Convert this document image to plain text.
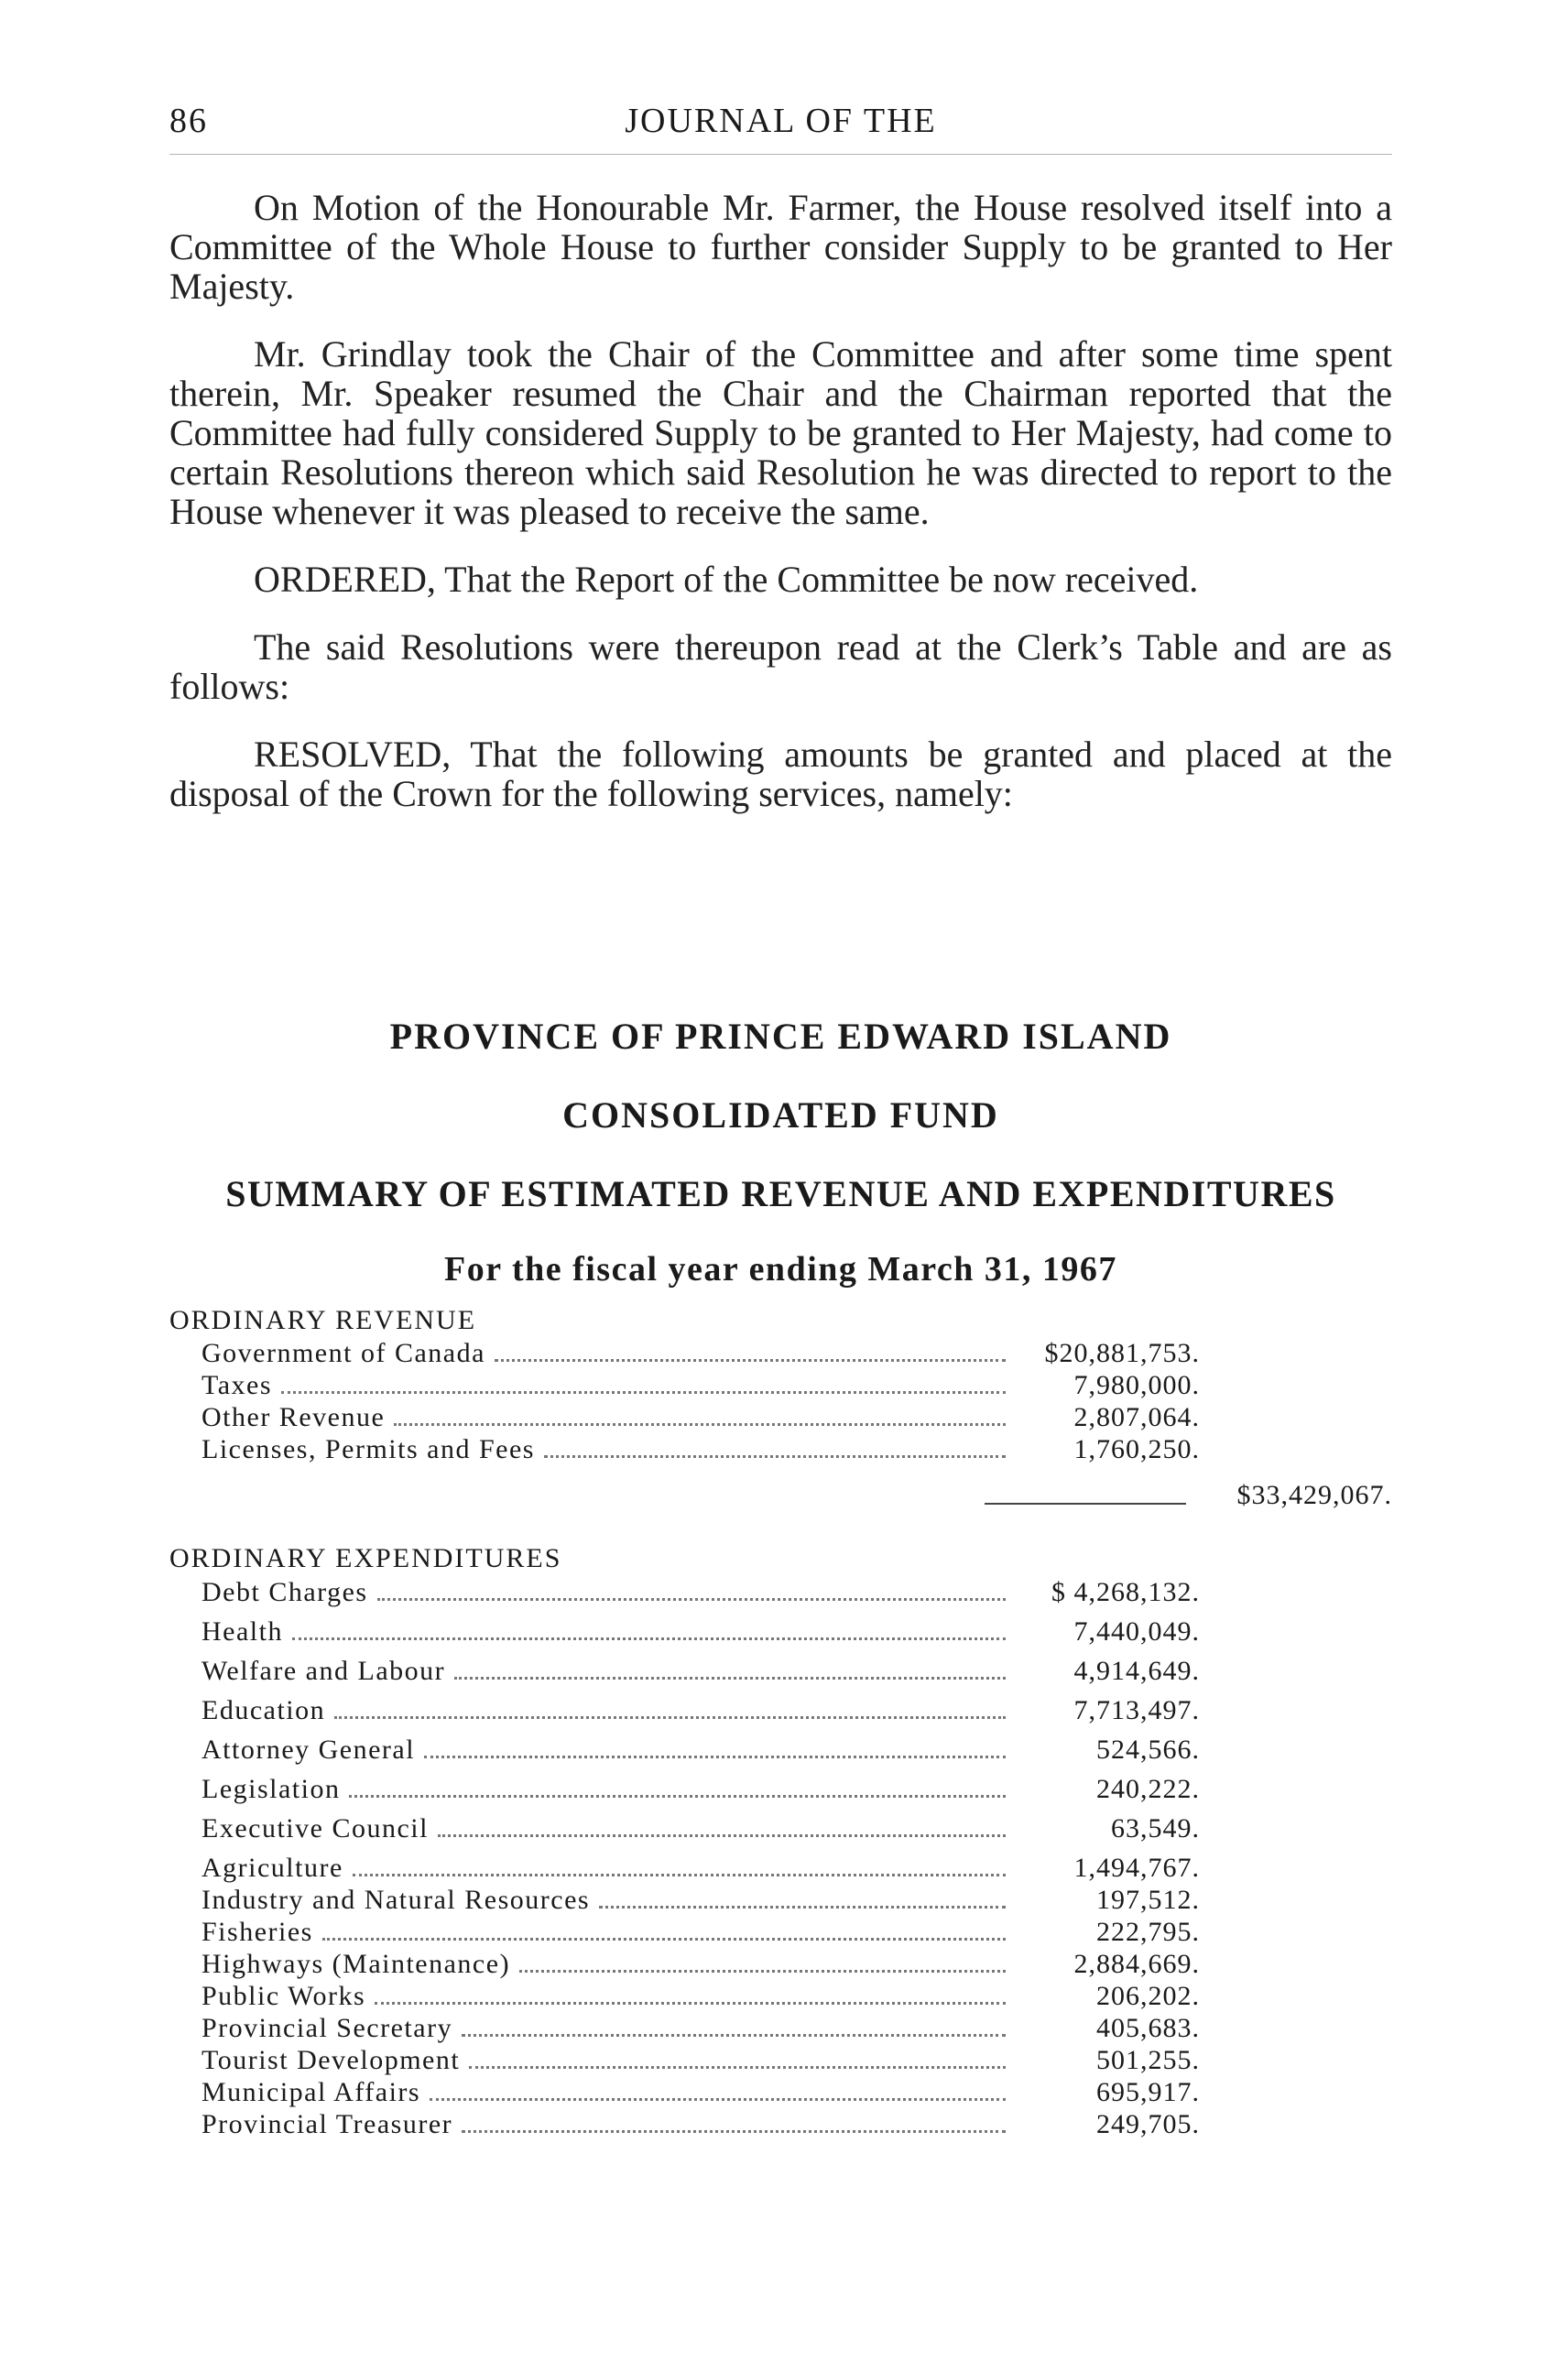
86	JOURNAL OF THE

On Motion of the Honourable Mr. Farmer, the House resolved itself into a Committee of the Whole House to further consider Supply to be granted to Her Majesty.

Mr. Grindlay took the Chair of the Committee and after some time spent therein, Mr. Speaker resumed the Chair and the Chairman reported that the Committee had fully considered Supply to be granted to Her Majesty, had come to certain Resolutions thereon which said Resolution he was directed to report to the House whenever it was pleased to receive the same.

ORDERED, That the Report of the Committee be now received.

The said Resolutions were thereupon read at the Clerk’s Table and are as follows:

RESOLVED, That the following amounts be granted and placed at the disposal of the Crown for the following services, namely:

PROVINCE OF PRINCE EDWARD ISLAND
CONSOLIDATED FUND
SUMMARY OF ESTIMATED REVENUE AND EXPENDITURES
For the fiscal year ending March 31, 1967
ORDINARY REVENUE
Government of Canada	$20,881,753.
Taxes	7,980,000.
Other Revenue	2,807,064.
Licenses, Permits and Fees	1,760,250.
$33,429,067.
ORDINARY EXPENDITURES
Debt Charges	$ 4,268,132.
Health	7,440,049.
Welfare and Labour	4,914,649.
Education	7,713,497.
Attorney General	524,566.
Legislation	240,222.
Executive Council	63,549.
Agriculture	1,494,767.
Industry and Natural Resources	197,512.
Fisheries	222,795.
Highways (Maintenance)	2,884,669.
Public Works	206,202.
Provincial Secretary	405,683.
Tourist Development	501,255.
Municipal Affairs	695,917.
Provincial Treasurer	249,705.
